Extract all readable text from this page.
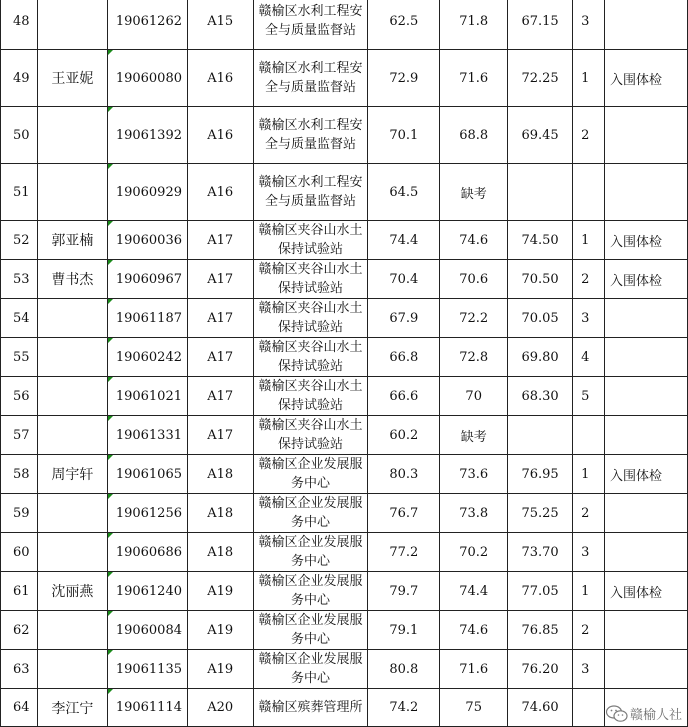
48		19061262	A15	赣榆区水利工程安
全与质量监督站	62.5	71.8	67.15	3	
49	王亚妮	19060080	A16	赣榆区水利工程安
全与质量监督站	72.9	71.6	72.25	1	入围体检
50		19061392	A16	赣榆区水利工程安
全与质量监督站	70.1	68.8	69.45	2	
51		19060929	A16	赣榆区水利工程安
全与质量监督站	64.5	缺考			
52	郭亚楠	19060036	A17	赣榆区夹谷山水土
保持试验站	74.4	74.6	74.50	1	入围体检
53	曹书杰	19060967	A17	赣榆区夹谷山水土
保持试验站	70.4	70.6	70.50	2	入围体检
54		19061187	A17	赣榆区夹谷山水土
保持试验站	67.9	72.2	70.05	3	
55		19060242	A17	赣榆区夹谷山水土
保持试验站	66.8	72.8	69.80	4	
56		19061021	A17	赣榆区夹谷山水土
保持试验站	66.6	70	68.30	5	
57		19061331	A17	赣榆区夹谷山水土
保持试验站	60.2	缺考			
58	周宇轩	19061065	A18	赣榆区企业发展服
务中心	80.3	73.6	76.95	1	入围体检
59		19061256	A18	赣榆区企业发展服
务中心	76.7	73.8	75.25	2	
60		19060686	A18	赣榆区企业发展服
务中心	77.2	70.2	73.70	3	
61	沈丽燕	19061240	A19	赣榆区企业发展服
务中心	79.7	74.4	77.05	1	入围体检
62		19060084	A19	赣榆区企业发展服
务中心	79.1	74.6	76.85	2	
63		19061135	A19	赣榆区企业发展服
务中心	80.8	71.6	76.20	3	
64	李江宁	19061114	A20	赣榆区殡葬管理所	74.2	75	74.60		
赣榆人社
